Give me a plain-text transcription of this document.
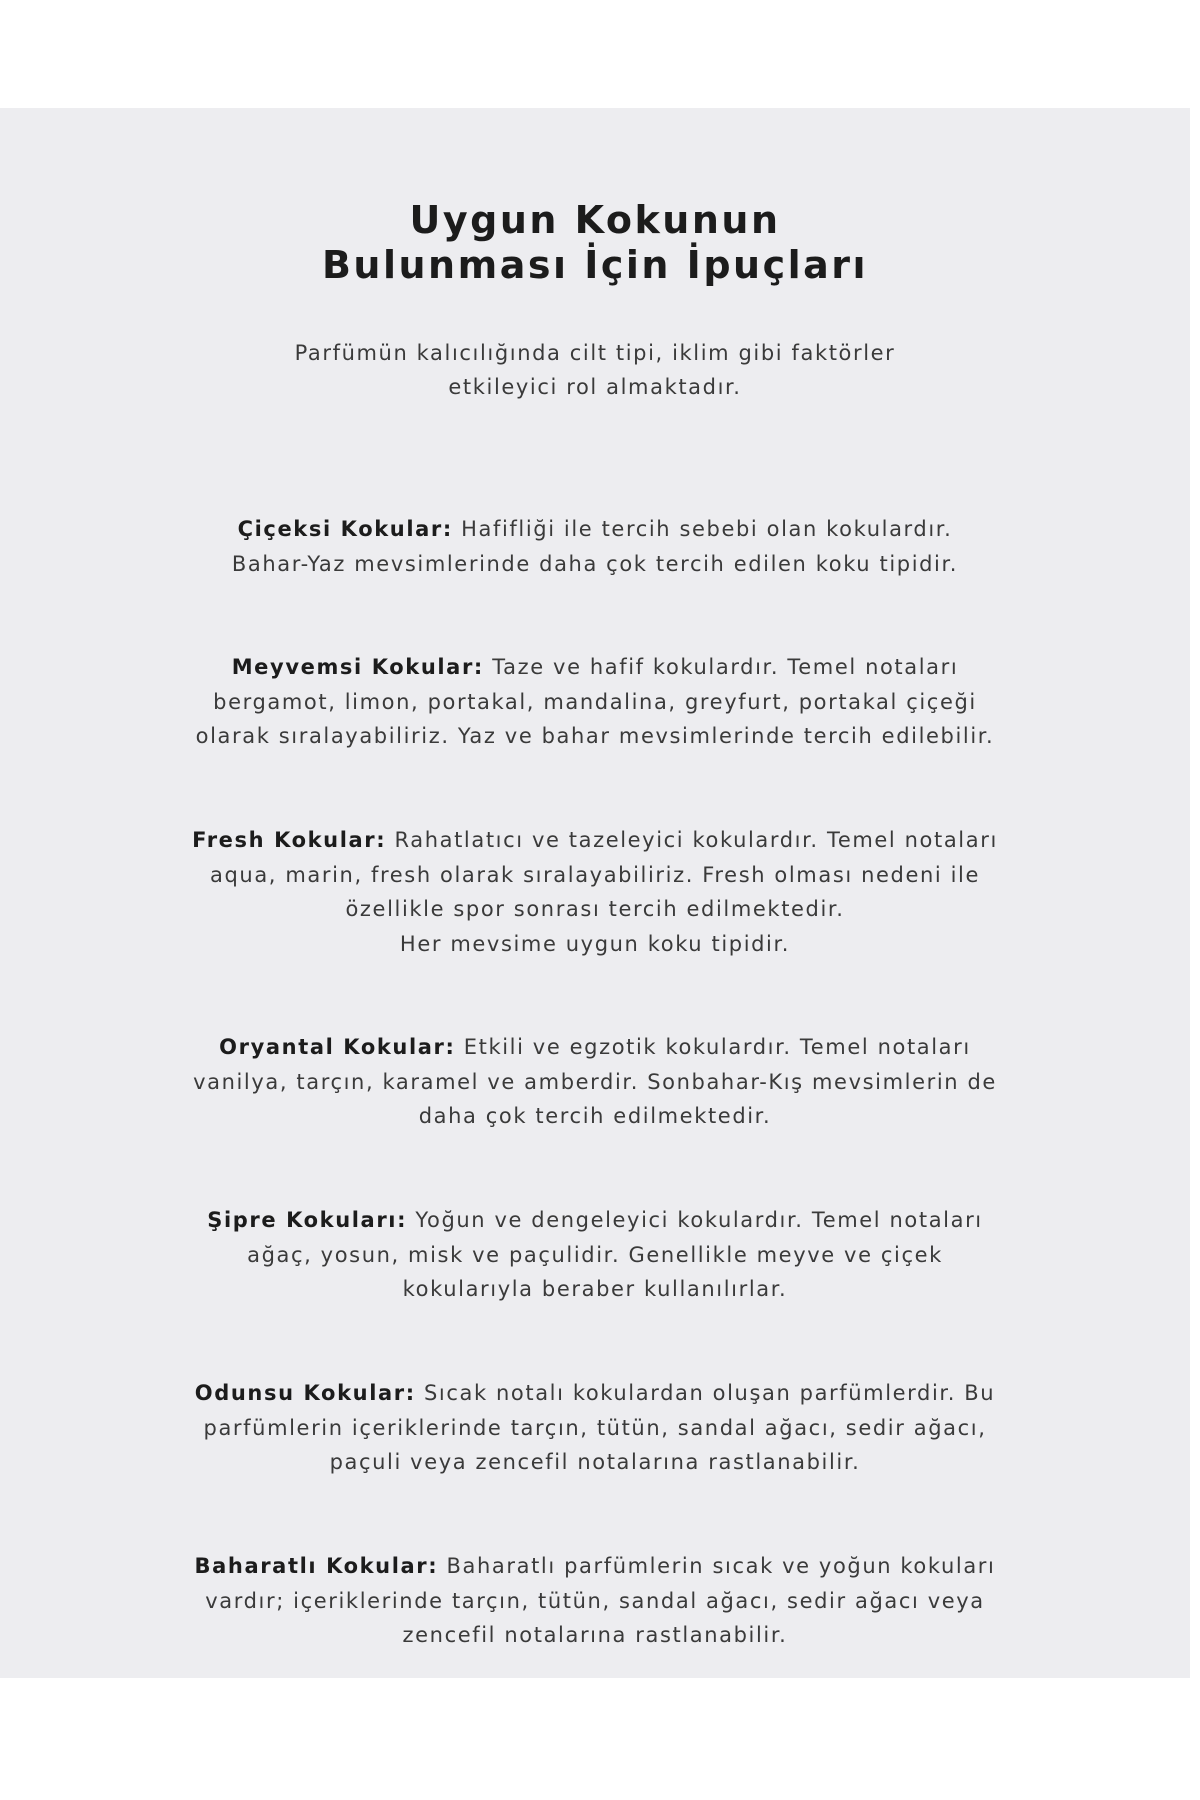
Uygun Kokunun
Bulunması İçin İpuçları
Parfümün kalıcılığında cilt tipi, iklim gibi faktörler
etkileyici rol almaktadır.
Çiçeksi Kokular: Hafifliği ile tercih sebebi olan kokulardır.
Bahar-Yaz mevsimlerinde daha çok tercih edilen koku tipidir.
Meyvemsi Kokular: Taze ve hafif kokulardır. Temel notaları
bergamot, limon, portakal, mandalina, greyfurt, portakal çiçeği
olarak sıralayabiliriz. Yaz ve bahar mevsimlerinde tercih edilebilir.
Fresh Kokular: Rahatlatıcı ve tazeleyici kokulardır. Temel notaları
aqua, marin, fresh olarak sıralayabiliriz. Fresh olması nedeni ile
özellikle spor sonrası tercih edilmektedir.
Her mevsime uygun koku tipidir.
Oryantal Kokular: Etkili ve egzotik kokulardır. Temel notaları
vanilya, tarçın, karamel ve amberdir. Sonbahar-Kış mevsimlerin de
daha çok tercih edilmektedir.
Şipre Kokuları: Yoğun ve dengeleyici kokulardır. Temel notaları
ağaç, yosun, misk ve paçulidir. Genellikle meyve ve çiçek
kokularıyla beraber kullanılırlar.
Odunsu Kokular: Sıcak notalı kokulardan oluşan parfümlerdir. Bu
parfümlerin içeriklerinde tarçın, tütün, sandal ağacı, sedir ağacı,
paçuli veya zencefil notalarına rastlanabilir.
Baharatlı Kokular: Baharatlı parfümlerin sıcak ve yoğun kokuları
vardır; içeriklerinde tarçın, tütün, sandal ağacı, sedir ağacı veya
zencefil notalarına rastlanabilir.
